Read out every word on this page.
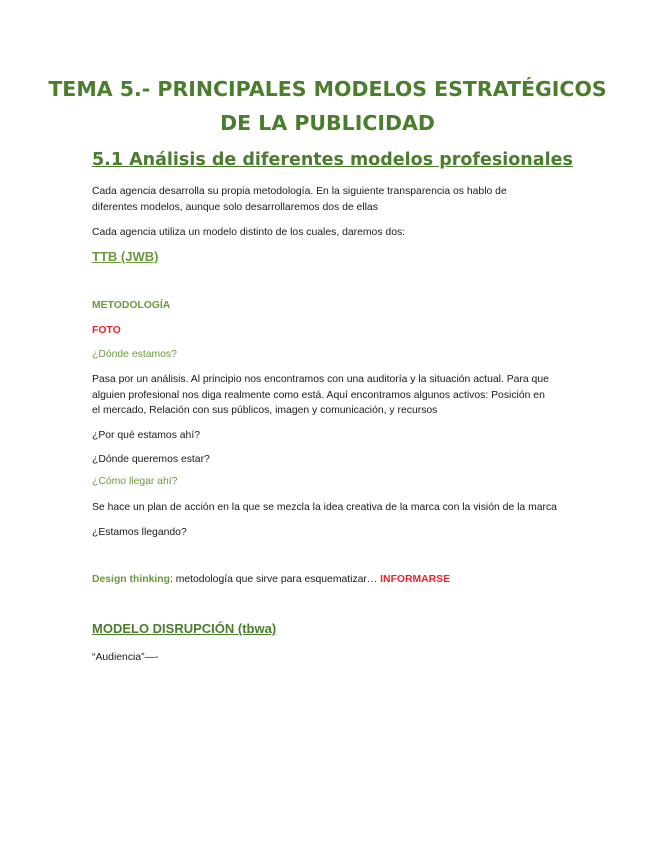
TEMA 5.- PRINCIPALES MODELOS ESTRATÉGICOS
DE LA PUBLICIDAD
5.1 Análisis de diferentes modelos profesionales
Cada agencia desarrolla su propia metodología. En la siguiente transparencia os hablo de
diferentes modelos, aunque solo desarrollaremos dos de ellas
Cada agencia utiliza un modelo distinto de los cuales, daremos dos:
TTB (JWB)
METODOLOGÍA
FOTO
¿Dónde estamos?
Pasa por un análisis. Al principio nos encontramos con una auditoría y la situación actual. Para que
alguien profesional nos diga realmente como está. Aquí encontramos algunos activos: Posición en
el mercado, Relación con sus públicos, imagen y comunicación, y recursos
¿Por qué estamos ahí?
¿Dónde queremos estar?
¿Cómo llegar ahí?
Se hace un plan de acción en la que se mezcla la idea creativa de la marca con la visión de la marca
¿Estamos llegando?
Design thinking: metodología que sirve para esquematizar… INFORMARSE
MODELO DISRUPCIÓN (tbwa)
“Audiencia”—-
